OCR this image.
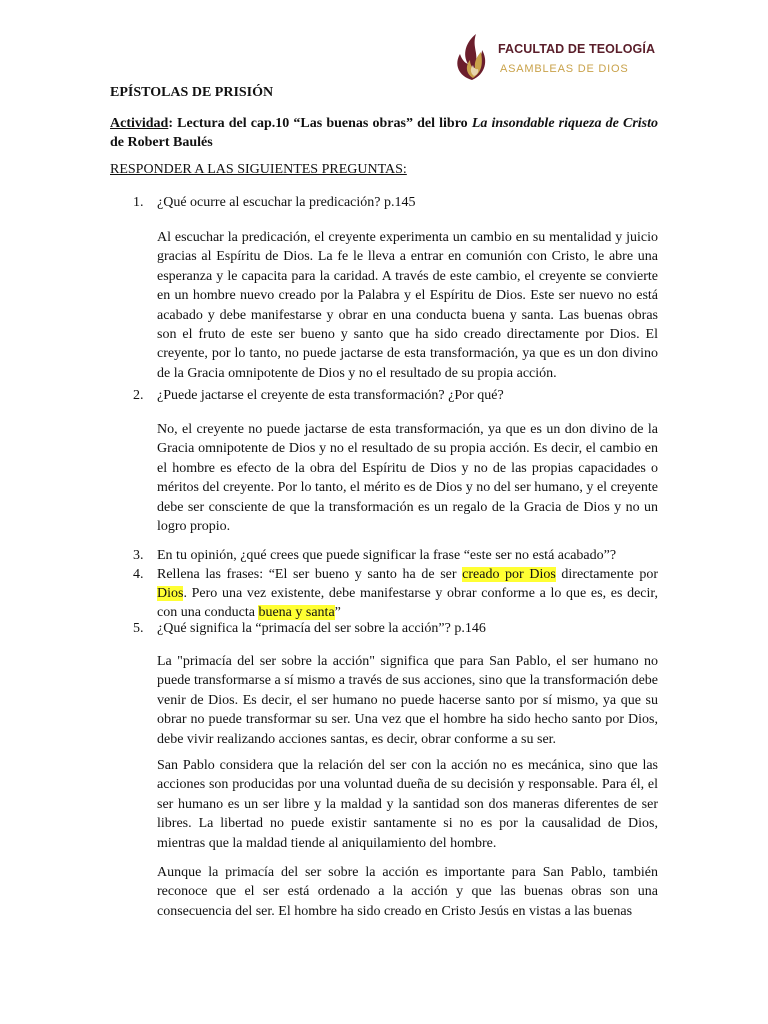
FACULTAD DE TEOLOGÍA
ASAMBLEAS DE DIOS
EPÍSTOLAS DE PRISIÓN
Actividad: Lectura del cap.10 “Las buenas obras” del libro La insondable riqueza de Cristo de Robert Baulés
RESPONDER A LAS SIGUIENTES PREGUNTAS:
1. ¿Qué ocurre al escuchar la predicación? p.145
Al escuchar la predicación, el creyente experimenta un cambio en su mentalidad y juicio gracias al Espíritu de Dios. La fe le lleva a entrar en comunión con Cristo, le abre una esperanza y le capacita para la caridad. A través de este cambio, el creyente se convierte en un hombre nuevo creado por la Palabra y el Espíritu de Dios. Este ser nuevo no está acabado y debe manifestarse y obrar en una conducta buena y santa. Las buenas obras son el fruto de este ser bueno y santo que ha sido creado directamente por Dios. El creyente, por lo tanto, no puede jactarse de esta transformación, ya que es un don divino de la Gracia omnipotente de Dios y no el resultado de su propia acción.
2. ¿Puede jactarse el creyente de esta transformación? ¿Por qué?
No, el creyente no puede jactarse de esta transformación, ya que es un don divino de la Gracia omnipotente de Dios y no el resultado de su propia acción. Es decir, el cambio en el hombre es efecto de la obra del Espíritu de Dios y no de las propias capacidades o méritos del creyente. Por lo tanto, el mérito es de Dios y no del ser humano, y el creyente debe ser consciente de que la transformación es un regalo de la Gracia de Dios y no un logro propio.
3. En tu opinión, ¿qué crees que puede significar la frase “este ser no está acabado”?
4. Rellena las frases: “El ser bueno y santo ha de ser creado por Dios directamente por Dios. Pero una vez existente, debe manifestarse y obrar conforme a lo que es, es decir, con una conducta buena y santa”
5. ¿Qué significa la “primacía del ser sobre la acción”? p.146
La "primacía del ser sobre la acción" significa que para San Pablo, el ser humano no puede transformarse a sí mismo a través de sus acciones, sino que la transformación debe venir de Dios. Es decir, el ser humano no puede hacerse santo por sí mismo, ya que su obrar no puede transformar su ser. Una vez que el hombre ha sido hecho santo por Dios, debe vivir realizando acciones santas, es decir, obrar conforme a su ser.
San Pablo considera que la relación del ser con la acción no es mecánica, sino que las acciones son producidas por una voluntad dueña de su decisión y responsable. Para él, el ser humano es un ser libre y la maldad y la santidad son dos maneras diferentes de ser libres. La libertad no puede existir santamente si no es por la causalidad de Dios, mientras que la maldad tiende al aniquilamiento del hombre.
Aunque la primacía del ser sobre la acción es importante para San Pablo, también reconoce que el ser está ordenado a la acción y que las buenas obras son una consecuencia del ser. El hombre ha sido creado en Cristo Jesús en vistas a las buenas
